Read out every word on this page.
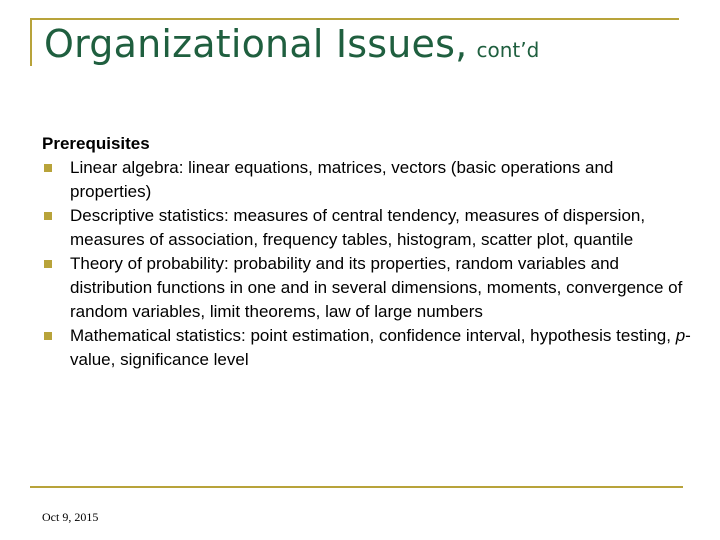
Organizational Issues, cont’d

Prerequisites

Linear algebra: linear equations, matrices, vectors (basic operations and properties)
Descriptive statistics: measures of central tendency, measures of dispersion, measures of association, frequency tables, histogram, scatter plot, quantile
Theory of probability: probability and its properties, random variables and distribution functions in one and in several dimensions, moments, convergence of random variables, limit theorems, law of large numbers
Mathematical statistics: point estimation, confidence interval, hypothesis testing, p-value, significance level
Oct 9, 2015
